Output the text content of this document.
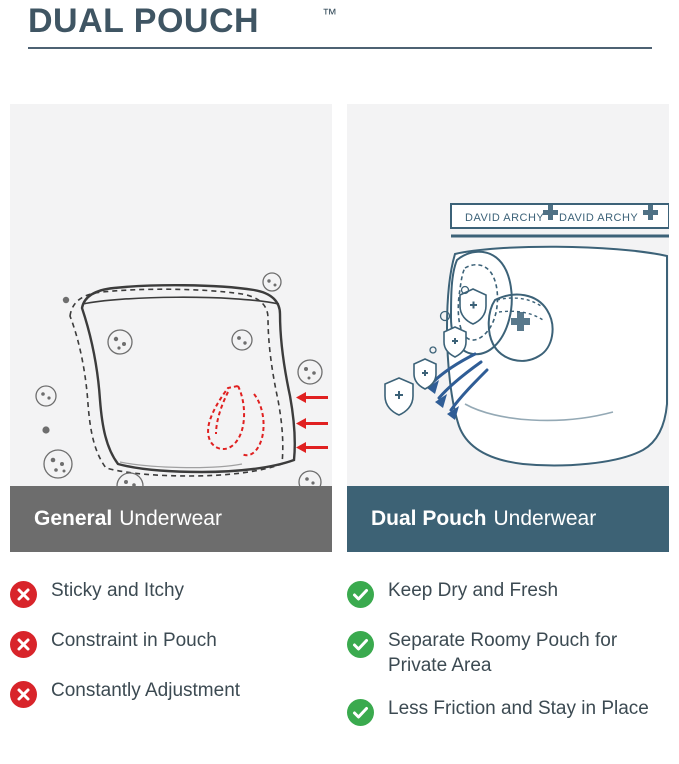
DUAL POUCH	™
General Underwear
DAVID ARCHY DAVID ARCHY
Dual Pouch Underwear
Sticky and Itchy
Constraint in Pouch
Constantly Adjustment
Keep Dry and Fresh
Separate Roomy Pouch for Private Area
Less Friction and Stay in Place
